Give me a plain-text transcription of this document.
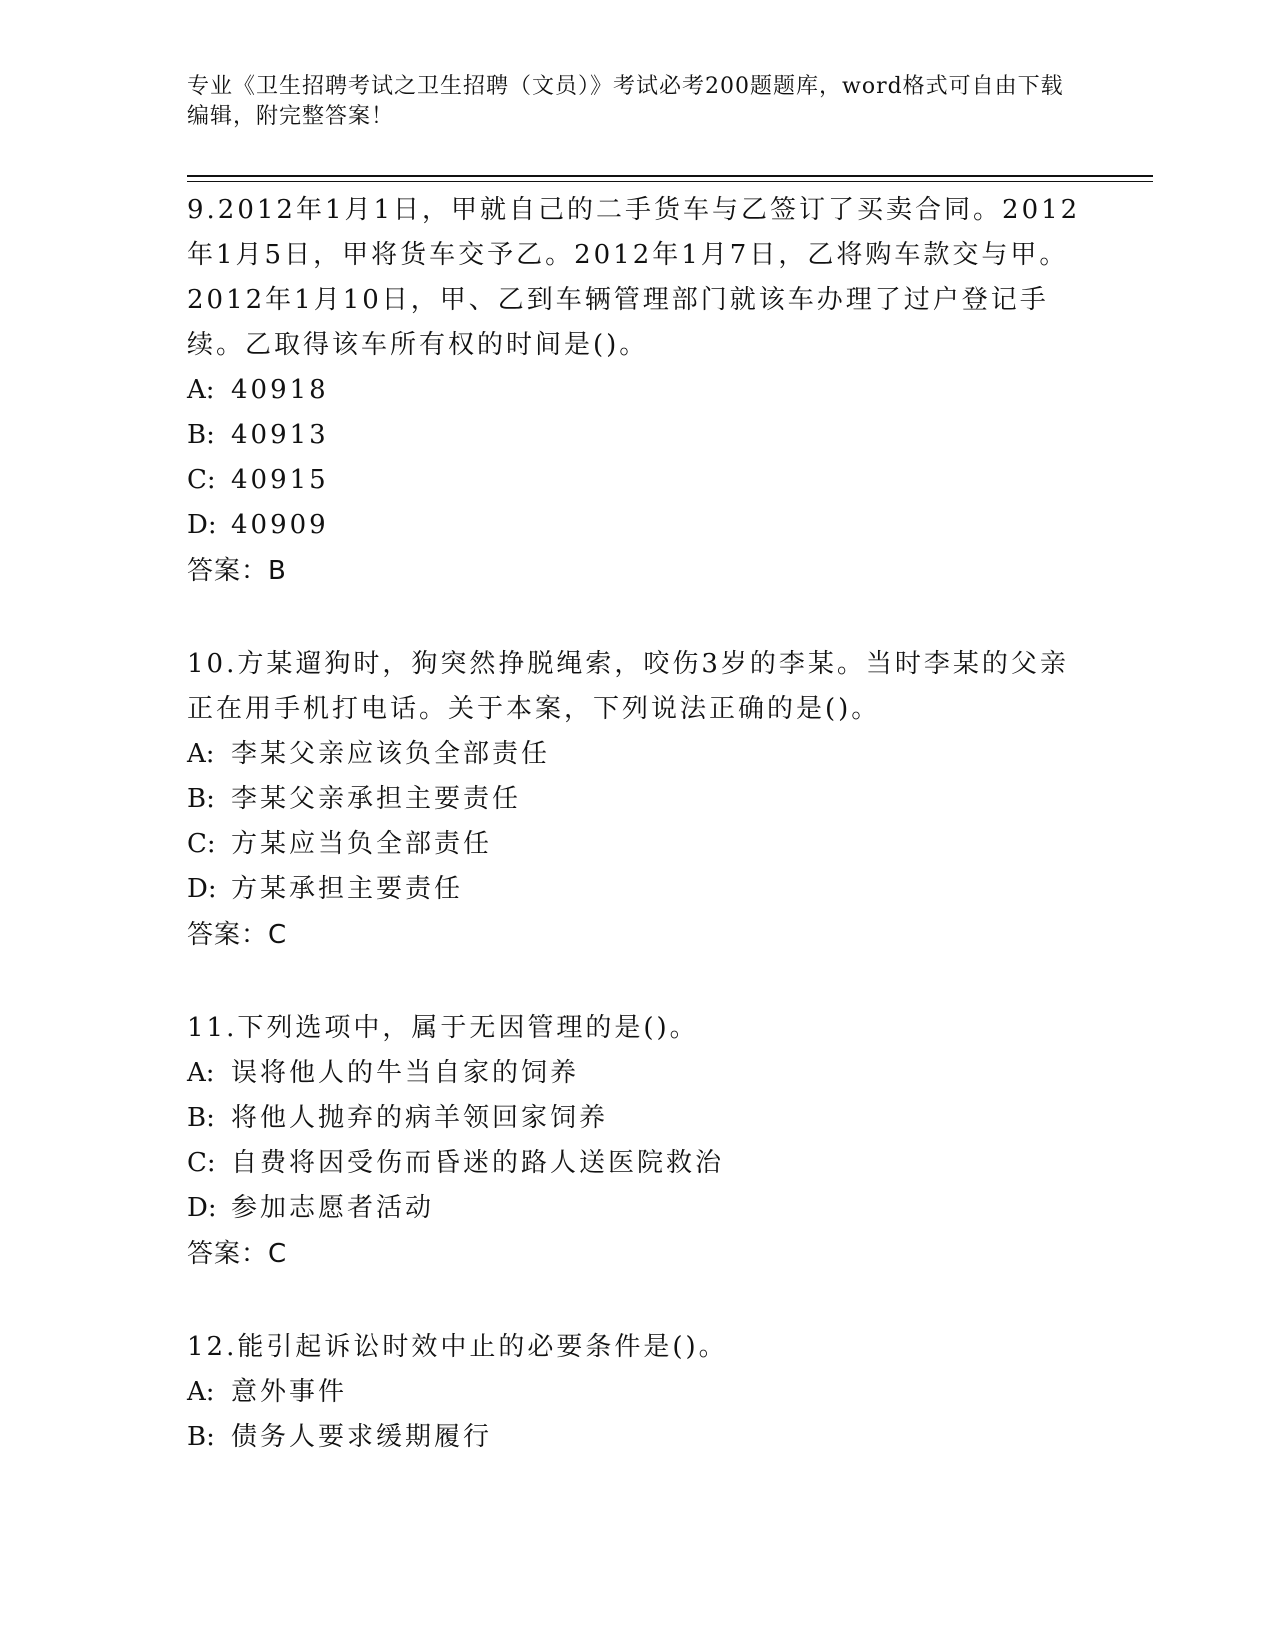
专业《卫生招聘考试之卫生招聘（文员）》考试必考200题题库，word格式可自由下载编辑，附完整答案！

9.2012年1月1日，甲就自己的二手货车与乙签订了买卖合同。2012年1月5日，甲将货车交予乙。2012年1月7日，乙将购车款交与甲。2012年1月10日，甲、乙到车辆管理部门就该车办理了过户登记手续。乙取得该车所有权的时间是()。

A: 40918
B: 40913
C: 40915
D: 40909

答案：B

10.方某遛狗时，狗突然挣脱绳索，咬伤3岁的李某。当时李某的父亲正在用手机打电话。关于本案，下列说法正确的是()。

A: 李某父亲应该负全部责任
B: 李某父亲承担主要责任
C: 方某应当负全部责任
D: 方某承担主要责任

答案：C

11.下列选项中，属于无因管理的是()。

A: 误将他人的牛当自家的饲养
B: 将他人抛弃的病羊领回家饲养
C: 自费将因受伤而昏迷的路人送医院救治
D: 参加志愿者活动

答案：C

12.能引起诉讼时效中止的必要条件是()。

A: 意外事件
B: 债务人要求缓期履行
